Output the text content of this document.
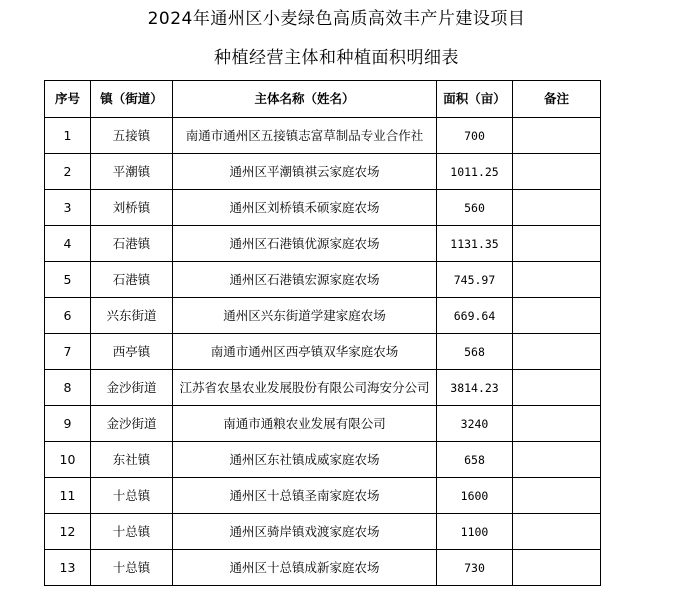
2024年通州区小麦绿色高质高效丰产片建设项目
种植经营主体和种植面积明细表
序号	镇（街道）	主体名称（姓名）	面积（亩）	备注
1	五接镇	南通市通州区五接镇志富草制品专业合作社	700	
2	平潮镇	通州区平潮镇祺云家庭农场	1011.25	
3	刘桥镇	通州区刘桥镇禾硕家庭农场	560	
4	石港镇	通州区石港镇优源家庭农场	1131.35	
5	石港镇	通州区石港镇宏源家庭农场	745.97	
6	兴东街道	通州区兴东街道学建家庭农场	669.64	
7	西亭镇	南通市通州区西亭镇双华家庭农场	568	
8	金沙街道	江苏省农垦农业发展股份有限公司海安分公司	3814.23	
9	金沙街道	南通市通粮农业发展有限公司	3240	
10	东社镇	通州区东社镇成威家庭农场	658	
11	十总镇	通州区十总镇圣南家庭农场	1600	
12	十总镇	通州区骑岸镇戏渡家庭农场	1100	
13	十总镇	通州区十总镇成新家庭农场	730	
